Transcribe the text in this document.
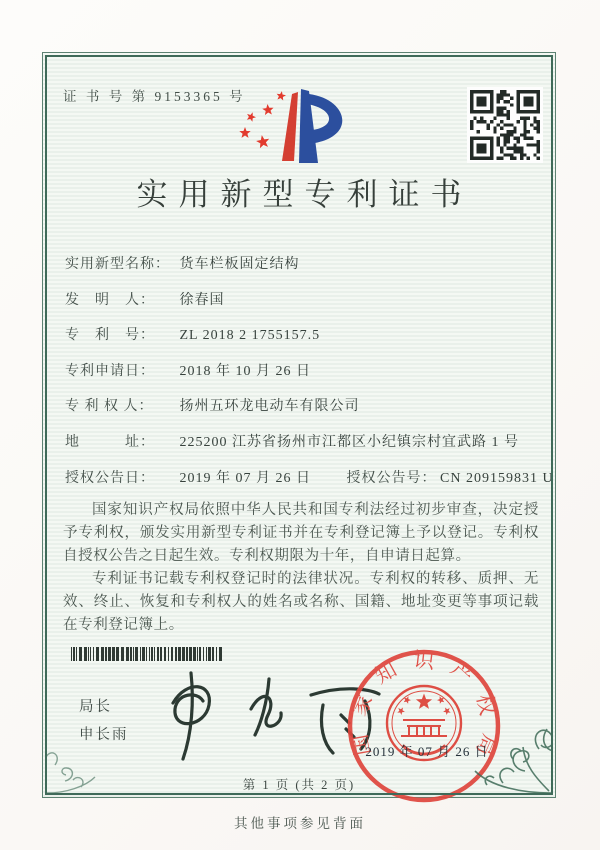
证 书 号 第 9153365 号
实用新型专利证书
实用新型名称： 货车栏板固定结构
发　明　人： 徐春国
专　利　号： ZL 2018 2 1755157.5
专利申请日： 2018 年 10 月 26 日
专 利 权 人： 扬州五环龙电动车有限公司
地　　　址： 225200 江苏省扬州市江都区小纪镇宗村宜武路 1 号
授权公告日： 2019 年 07 月 26 日	授权公告号： CN 209159831 U

国家知识产权局依照中华人民共和国专利法经过初步审查，决定授予专利权，颁发实用新型专利证书并在专利登记簿上予以登记。专利权自授权公告之日起生效。专利权期限为十年，自申请日起算。

专利证书记载专利权登记时的法律状况。专利权的转移、质押、无效、终止、恢复和专利权人的姓名或名称、国籍、地址变更等事项记载在专利登记簿上。

局长
申长雨	国家知识产权局
2019 年 07 月 26 日
第 1 页 (共 2 页)
其他事项参见背面
